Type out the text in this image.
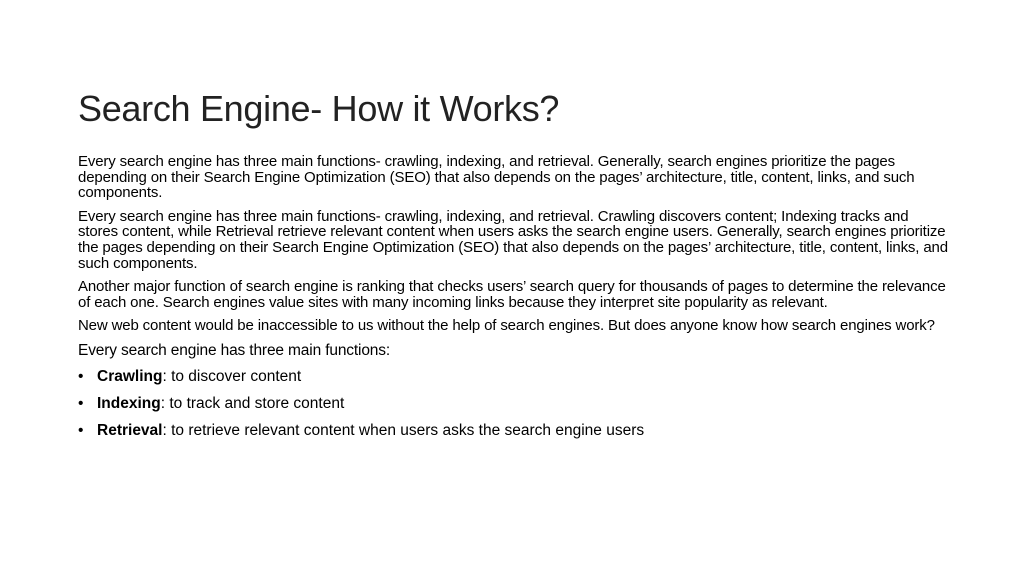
Search Engine- How it Works?

Every search engine has three main functions- crawling, indexing, and retrieval. Generally, search engines prioritize the pages depending on their Search Engine Optimization (SEO) that also depends on the pages’ architecture, title, content, links, and such components.

Every search engine has three main functions- crawling, indexing, and retrieval. Crawling discovers content; Indexing tracks and stores content, while Retrieval retrieve relevant content when users asks the search engine users. Generally, search engines prioritize the pages depending on their Search Engine Optimization (SEO) that also depends on the pages’ architecture, title, content, links, and such components.

Another major function of search engine is ranking that checks users’ search query for thousands of pages to determine the relevance of each one. Search engines value sites with many incoming links because they interpret site popularity as relevant.

New web content would be inaccessible to us without the help of search engines. But does anyone know how search engines work?

Every search engine has three main functions:

• Crawling: to discover content
• Indexing: to track and store content
• Retrieval: to retrieve relevant content when users asks the search engine users
